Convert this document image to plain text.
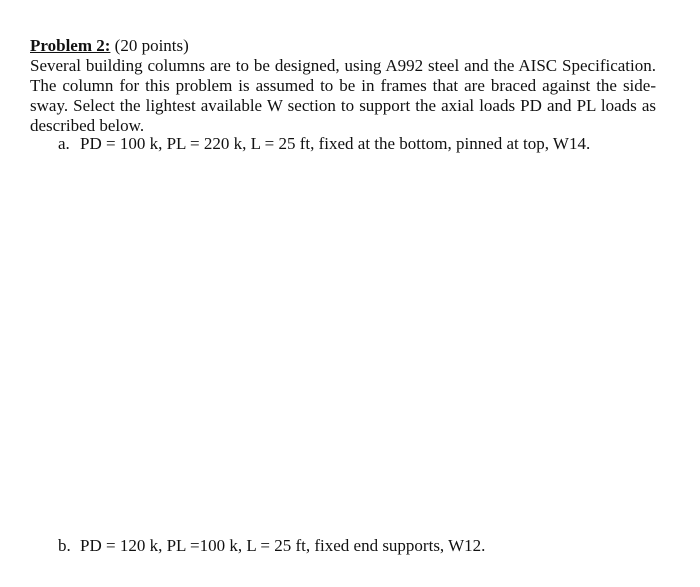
Problem 2: (20 points)
Several building columns are to be designed, using A992 steel and the AISC Specification. The column for this problem is assumed to be in frames that are braced against the side-sway. Select the lightest available W section to support the axial loads PD and PL loads as described below.
a. PD = 100 k, PL = 220 k, L = 25 ft, fixed at the bottom, pinned at top, W14.
b. PD = 120 k, PL =100 k, L = 25 ft, fixed end supports, W12.
